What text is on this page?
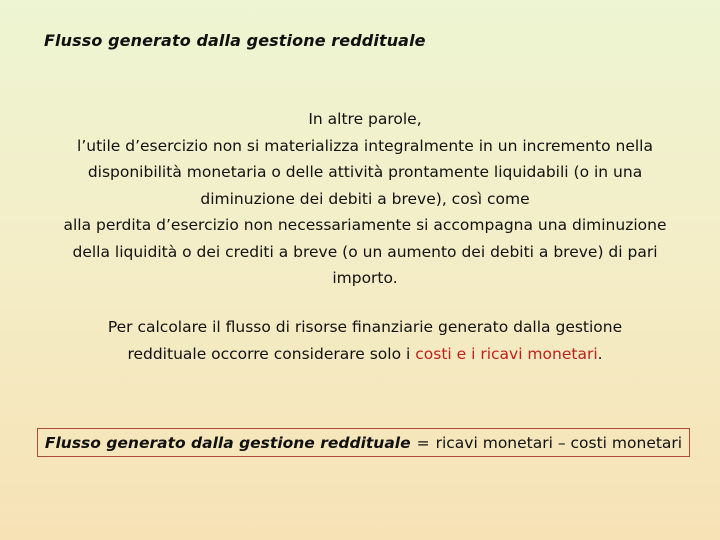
Flusso generato dalla gestione reddituale

In altre parole,

l’utile d’esercizio non si materializza integralmente in un incremento nella

disponibilità monetaria o delle attività prontamente liquidabili (o in una

diminuzione dei debiti a breve), così come

alla perdita d’esercizio non necessariamente si accompagna una diminuzione

della liquidità o dei crediti a breve (o un aumento dei debiti a breve) di pari

importo.

Per calcolare il flusso di risorse finanziarie generato dalla gestione

reddituale occorre considerare solo i costi e i ricavi monetari.

Flusso generato dalla gestione reddituale = ricavi monetari – costi monetari
